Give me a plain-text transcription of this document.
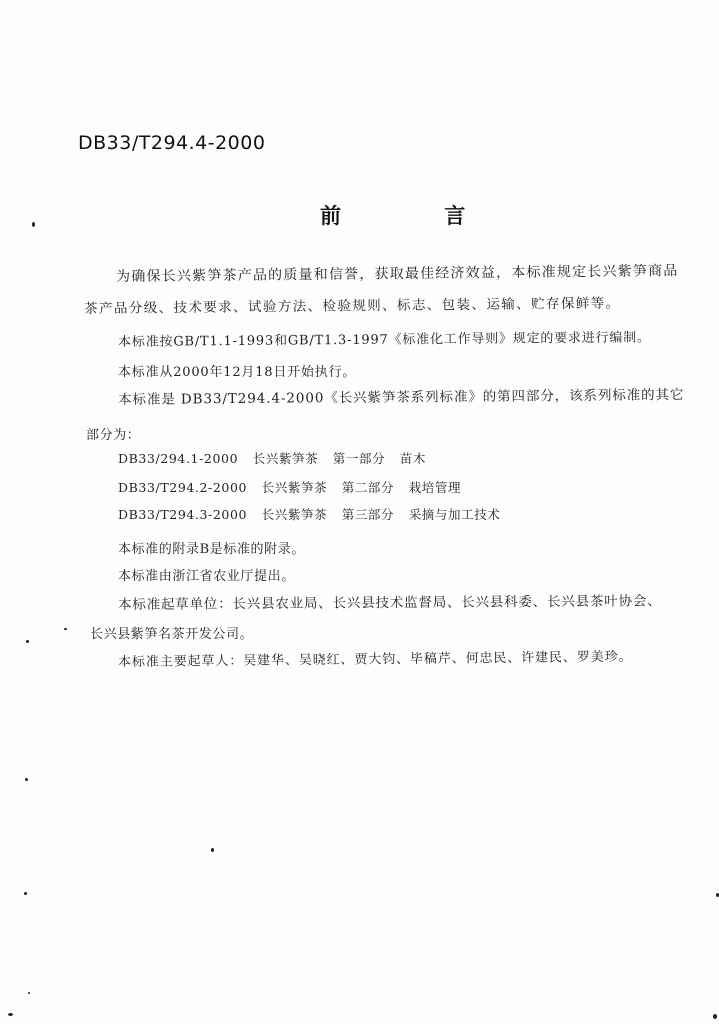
DB33/T294.4-2000
前 言
为确保长兴紫笋茶产品的质量和信誉，获取最佳经济效益，本标准规定长兴紫笋商品
茶产品分级、技术要求、试验方法、检验规则、标志、包装、运输、贮存保鲜等。
本标准按GB/T1.1-1993和GB/T1.3-1997《标准化工作导则》规定的要求进行编制。
本标准从2000年12月18日开始执行。
本标准是 DB33/T294.4-2000《长兴紫笋茶系列标准》的第四部分，该系列标准的其它
部分为：
DB33/294.1-2000 长兴紫笋茶 第一部分 苗木
DB33/T294.2-2000 长兴紫笋茶 第二部分 栽培管理
DB33/T294.3-2000 长兴紫笋茶 第三部分 采摘与加工技术
本标准的附录B是标准的附录。
本标准由浙江省农业厅提出。
本标准起草单位：长兴县农业局、长兴县技术监督局、长兴县科委、长兴县茶叶协会、
长兴县紫笋名茶开发公司。
本标准主要起草人：吴建华、吴晓红、贾大钧、毕稿芹、何忠民、许建民、罗美珍。
